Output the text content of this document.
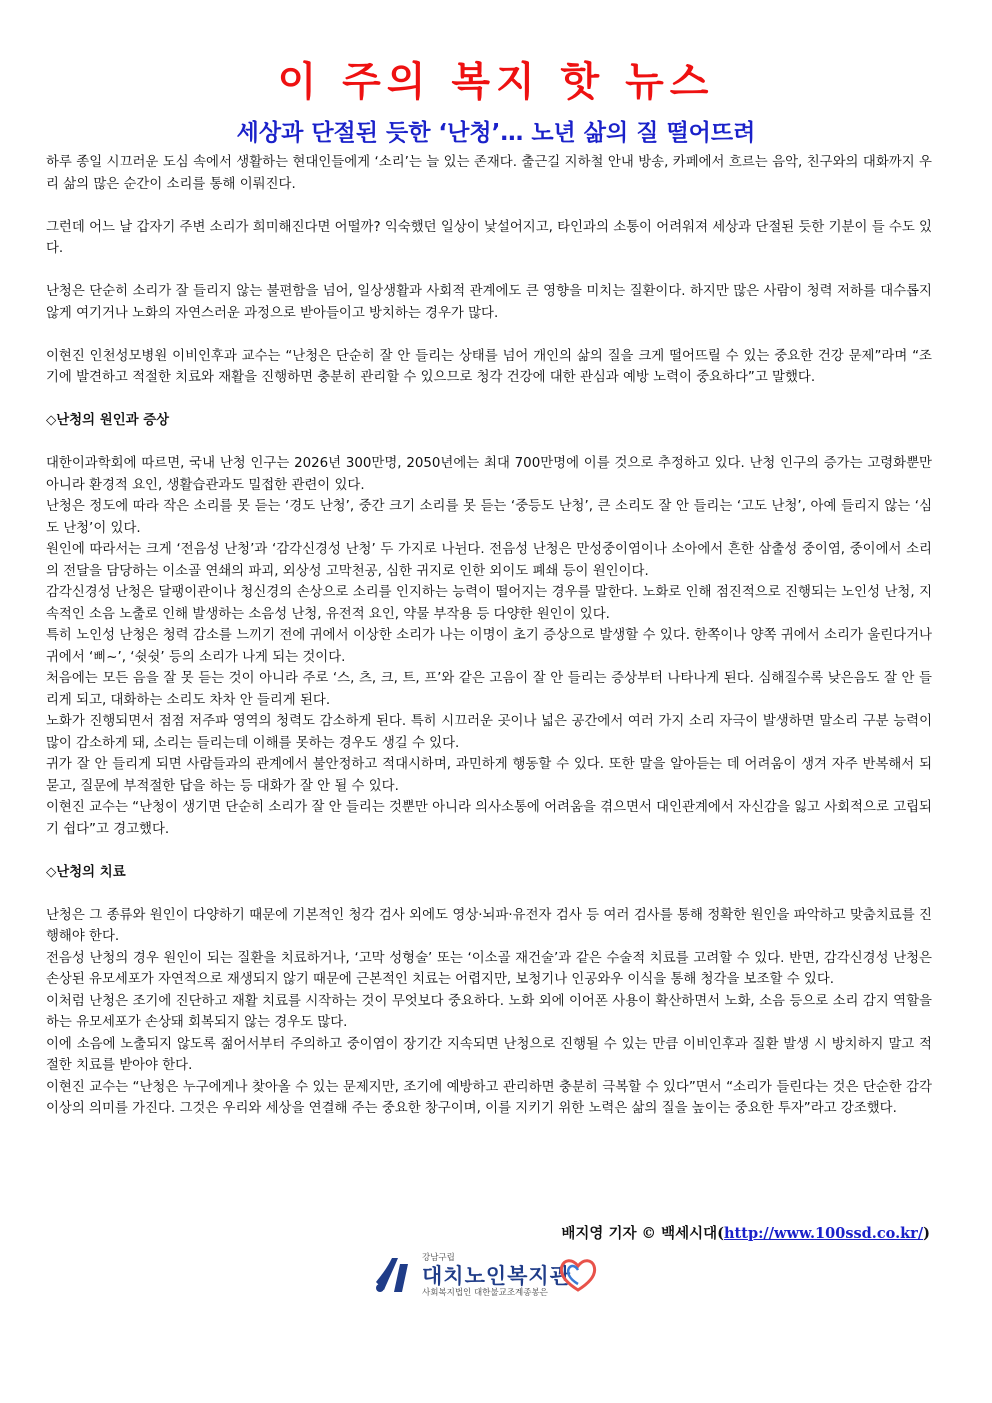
이 주의 복지 핫 뉴스
세상과 단절된 듯한 ‘난청’… 노년 삶의 질 떨어뜨려

하루 종일 시끄러운 도심 속에서 생활하는 현대인들에게 ‘소리’는 늘 있는 존재다. 출근길 지하철 안내 방송, 카페에서 흐르는 음악, 친구와의 대화까지 우리 삶의 많은 순간이 소리를 통해 이뤄진다.

그런데 어느 날 갑자기 주변 소리가 희미해진다면 어떨까? 익숙했던 일상이 낯설어지고, 타인과의 소통이 어려워져 세상과 단절된 듯한 기분이 들 수도 있다.

난청은 단순히 소리가 잘 들리지 않는 불편함을 넘어, 일상생활과 사회적 관계에도 큰 영향을 미치는 질환이다. 하지만 많은 사람이 청력 저하를 대수롭지 않게 여기거나 노화의 자연스러운 과정으로 받아들이고 방치하는 경우가 많다.

이현진 인천성모병원 이비인후과 교수는 “난청은 단순히 잘 안 들리는 상태를 넘어 개인의 삶의 질을 크게 떨어뜨릴 수 있는 중요한 건강 문제”라며 “조기에 발견하고 적절한 치료와 재활을 진행하면 충분히 관리할 수 있으므로 청각 건강에 대한 관심과 예방 노력이 중요하다”고 말했다.

◇난청의 원인과 증상

대한이과학회에 따르면, 국내 난청 인구는 2026년 300만명, 2050년에는 최대 700만명에 이를 것으로 추정하고 있다. 난청 인구의 증가는 고령화뿐만 아니라 환경적 요인, 생활습관과도 밀접한 관련이 있다.

난청은 정도에 따라 작은 소리를 못 듣는 ‘경도 난청’, 중간 크기 소리를 못 듣는 ‘중등도 난청’, 큰 소리도 잘 안 들리는 ‘고도 난청’, 아예 들리지 않는 ‘심도 난청’이 있다.

원인에 따라서는 크게 ‘전음성 난청’과 ‘감각신경성 난청’ 두 가지로 나뉜다. 전음성 난청은 만성중이염이나 소아에서 흔한 삼출성 중이염, 중이에서 소리의 전달을 담당하는 이소골 연쇄의 파괴, 외상성 고막천공, 심한 귀지로 인한 외이도 폐쇄 등이 원인이다.

감각신경성 난청은 달팽이관이나 청신경의 손상으로 소리를 인지하는 능력이 떨어지는 경우를 말한다. 노화로 인해 점진적으로 진행되는 노인성 난청, 지속적인 소음 노출로 인해 발생하는 소음성 난청, 유전적 요인, 약물 부작용 등 다양한 원인이 있다.

특히 노인성 난청은 청력 감소를 느끼기 전에 귀에서 이상한 소리가 나는 이명이 초기 증상으로 발생할 수 있다. 한쪽이나 양쪽 귀에서 소리가 울린다거나 귀에서 ‘삐~’, ‘쉿쉿’ 등의 소리가 나게 되는 것이다.

처음에는 모든 음을 잘 못 듣는 것이 아니라 주로 ‘스, 츠, 크, 트, 프’와 같은 고음이 잘 안 들리는 증상부터 나타나게 된다. 심해질수록 낮은음도 잘 안 들리게 되고, 대화하는 소리도 차차 안 들리게 된다.

노화가 진행되면서 점점 저주파 영역의 청력도 감소하게 된다. 특히 시끄러운 곳이나 넓은 공간에서 여러 가지 소리 자극이 발생하면 말소리 구분 능력이 많이 감소하게 돼, 소리는 들리는데 이해를 못하는 경우도 생길 수 있다.

귀가 잘 안 들리게 되면 사람들과의 관계에서 불안정하고 적대시하며, 과민하게 행동할 수 있다. 또한 말을 알아듣는 데 어려움이 생겨 자주 반복해서 되묻고, 질문에 부적절한 답을 하는 등 대화가 잘 안 될 수 있다.

이현진 교수는 “난청이 생기면 단순히 소리가 잘 안 들리는 것뿐만 아니라 의사소통에 어려움을 겪으면서 대인관계에서 자신감을 잃고 사회적으로 고립되기 쉽다”고 경고했다.

◇난청의 치료

난청은 그 종류와 원인이 다양하기 때문에 기본적인 청각 검사 외에도 영상·뇌파·유전자 검사 등 여러 검사를 통해 정확한 원인을 파악하고 맞춤치료를 진행해야 한다.

전음성 난청의 경우 원인이 되는 질환을 치료하거나, ‘고막 성형술’ 또는 ‘이소골 재건술’과 같은 수술적 치료를 고려할 수 있다. 반면, 감각신경성 난청은 손상된 유모세포가 자연적으로 재생되지 않기 때문에 근본적인 치료는 어렵지만, 보청기나 인공와우 이식을 통해 청각을 보조할 수 있다.

이처럼 난청은 조기에 진단하고 재활 치료를 시작하는 것이 무엇보다 중요하다. 노화 외에 이어폰 사용이 확산하면서 노화, 소음 등으로 소리 감지 역할을 하는 유모세포가 손상돼 회복되지 않는 경우도 많다.

이에 소음에 노출되지 않도록 젊어서부터 주의하고 중이염이 장기간 지속되면 난청으로 진행될 수 있는 만큼 이비인후과 질환 발생 시 방치하지 말고 적절한 치료를 받아야 한다.

이현진 교수는 “난청은 누구에게나 찾아올 수 있는 문제지만, 조기에 예방하고 관리하면 충분히 극복할 수 있다”면서 “소리가 들린다는 것은 단순한 감각 이상의 의미를 가진다. 그것은 우리와 세상을 연결해 주는 중요한 창구이며, 이를 지키기 위한 노력은 삶의 질을 높이는 중요한 투자”라고 강조했다.

배지영 기자 © 백세시대(http://www.100ssd.co.kr/)
강남구립
대치노인복지관
사회복지법인 대한불교조계종봉은
